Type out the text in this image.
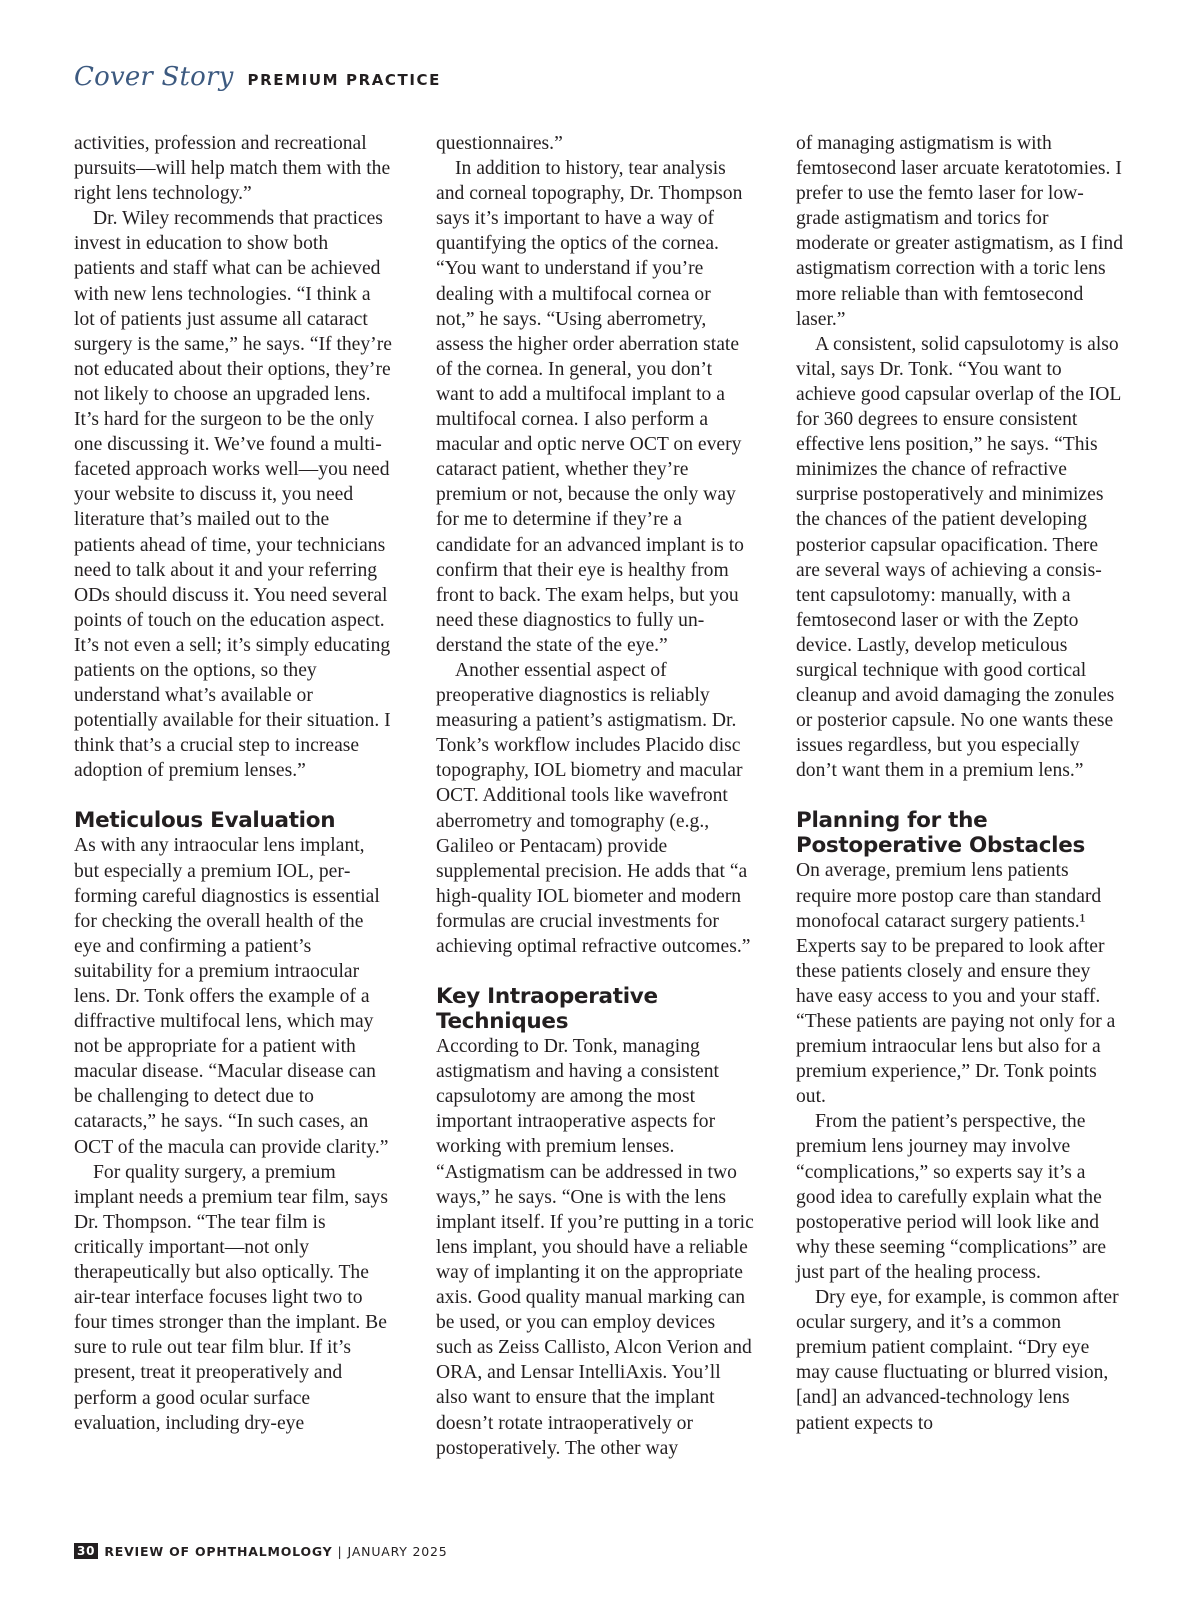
Cover Story PREMIUM PRACTICE

activities, profession and recreational pursuits—will help match them with the right lens technology.”

Dr. Wiley recommends that practices invest in education to show both patients and staff what can be achieved with new lens technologies. “I think a lot of patients just assume all cataract surgery is the same,” he says. “If they’re not educated about their options, they’re not likely to choose an upgraded lens. It’s hard for the surgeon to be the only one discussing it. We’ve found a multifaceted approach works well—you need your website to discuss it, you need literature that’s mailed out to the patients ahead of time, your technicians need to talk about it and your referring ODs should discuss it. You need several points of touch on the education aspect. It’s not even a sell; it’s simply educating patients on the options, so they understand what’s available or potentially available for their situation. I think that’s a crucial step to increase adoption of premium lenses.”

Meticulous Evaluation

As with any intraocular lens implant, but especially a premium IOL, performing careful diagnostics is essential for checking the overall health of the eye and confirming a patient’s suitability for a premium intraocular lens. Dr. Tonk offers the example of a diffractive multifocal lens, which may not be appropriate for a patient with macular disease. “Macular disease can be challenging to detect due to cataracts,” he says. “In such cases, an OCT of the macula can provide clarity.”

For quality surgery, a premium implant needs a premium tear film, says Dr. Thompson. “The tear film is critically important—not only therapeutically but also optically. The air-tear interface focuses light two to four times stronger than the implant. Be sure to rule out tear film blur. If it’s present, treat it preoperatively and perform a good ocular surface evaluation, including dry-eye

questionnaires.”

In addition to history, tear analysis and corneal topography, Dr. Thompson says it’s important to have a way of quantifying the optics of the cornea. “You want to understand if you’re dealing with a multifocal cornea or not,” he says. “Using aberrometry, assess the higher order aberration state of the cornea. In general, you don’t want to add a multifocal implant to a multifocal cornea. I also perform a macular and optic nerve OCT on every cataract patient, whether they’re premium or not, because the only way for me to determine if they’re a candidate for an advanced implant is to confirm that their eye is healthy from front to back. The exam helps, but you need these diagnostics to fully understand the state of the eye.”

Another essential aspect of preoperative diagnostics is reliably measuring a patient’s astigmatism. Dr. Tonk’s workflow includes Placido disc topography, IOL biometry and macular OCT. Additional tools like wavefront aberrometry and tomography (e.g., Galileo or Pentacam) provide supplemental precision. He adds that “a high-quality IOL biometer and modern formulas are crucial investments for achieving optimal refractive outcomes.”

Key Intraoperative Techniques

According to Dr. Tonk, managing astigmatism and having a consistent capsulotomy are among the most important intraoperative aspects for working with premium lenses. “Astigmatism can be addressed in two ways,” he says. “One is with the lens implant itself. If you’re putting in a toric lens implant, you should have a reliable way of implanting it on the appropriate axis. Good quality manual marking can be used, or you can employ devices such as Zeiss Callisto, Alcon Verion and ORA, and Lensar IntelliAxis. You’ll also want to ensure that the implant doesn’t rotate intraoperatively or postoperatively. The other way

of managing astigmatism is with femtosecond laser arcuate keratotomies. I prefer to use the femto laser for low-grade astigmatism and torics for moderate or greater astigmatism, as I find astigmatism correction with a toric lens more reliable than with femtosecond laser.”

A consistent, solid capsulotomy is also vital, says Dr. Tonk. “You want to achieve good capsular overlap of the IOL for 360 degrees to ensure consistent effective lens position,” he says. “This minimizes the chance of refractive surprise postoperatively and minimizes the chances of the patient developing posterior capsular opacification. There are several ways of achieving a consistent capsulotomy: manually, with a femtosecond laser or with the Zepto device. Lastly, develop meticulous surgical technique with good cortical cleanup and avoid damaging the zonules or posterior capsule. No one wants these issues regardless, but you especially don’t want them in a premium lens.”

Planning for the
Postoperative Obstacles

On average, premium lens patients require more postop care than standard monofocal cataract surgery patients.¹ Experts say to be prepared to look after these patients closely and ensure they have easy access to you and your staff. “These patients are paying not only for a premium intraocular lens but also for a premium experience,” Dr. Tonk points out.

From the patient’s perspective, the premium lens journey may involve “complications,” so experts say it’s a good idea to carefully explain what the postoperative period will look like and why these seeming “complications” are just part of the healing process.

Dry eye, for example, is common after ocular surgery, and it’s a common premium patient complaint. “Dry eye may cause fluctuating or blurred vision, [and] an advanced-technology lens patient expects to

30 REVIEW OF OPHTHALMOLOGY | JANUARY 2025
